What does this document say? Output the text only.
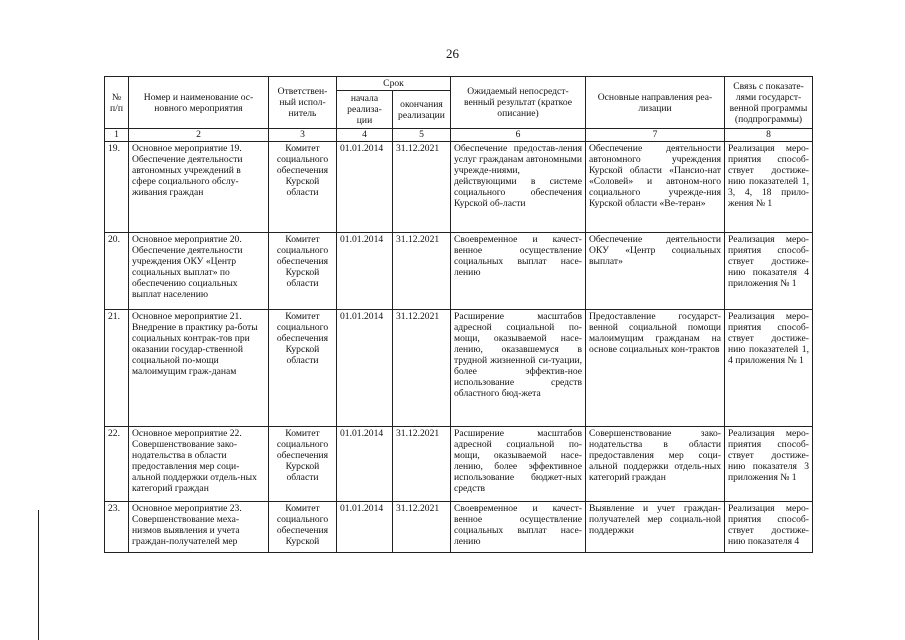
26
№ п/п	Номер и наименование ос-новного мероприятия	Ответствен-ный испол-нитель	Срок		Ожидаемый непосредст-венный результат (краткое описание)	Основные направления реа-лизации	Связь с показате-лями государст-венной программы (подпрограммы)
			начала реализа-ции	окончания реализации			
1	2	3	4	5	6	7	8
19.	Основное мероприятие 19. Обеспечение деятельности автономных учреждений в сфере социального обслу-живания граждан	Комитет социального обеспечения Курской области	01.01.2014	31.12.2021	Обеспечение предостав-ления услуг гражданам автономными учрежде-ниями, действующими в системе социального обеспечения Курской об-ласти	Обеспечение деятельности автономного учреждения Курской области «Пансио-нат «Соловей» и автоном-ного социального учрежде-ния Курской области «Ве-теран»	Реализация меро-приятия способ-ствует достиже-нию показателей 1, 3, 4, 18 прило-жения № 1
20.	Основное мероприятие 20. Обеспечение деятельности учреждения ОКУ «Центр социальных выплат» по обеспечению социальных выплат населению	Комитет социального обеспечения Курской области	01.01.2014	31.12.2021	Своевременное и качест-венное осуществление социальных выплат насе-лению	Обеспечение деятельности ОКУ «Центр социальных выплат»	Реализация меро-приятия способ-ствует достиже-нию показателя 4 приложения № 1
21.	Основное мероприятие 21. Внедрение в практику ра-боты социальных контрак-тов при оказании государ-ственной социальной по-мощи малоимущим граж-данам	Комитет социального обеспечения Курской области	01.01.2014	31.12.2021	Расширение масштабов адресной социальной по-мощи, оказываемой насе-лению, оказавшемуся в трудной жизненной си-туации, более эффектив-ное использование средств областного бюд-жета	Предоставление государст-венной социальной помощи малоимущим гражданам на основе социальных кон-трактов	Реализация меро-приятия способ-ствует достиже-нию показателей 1, 4 приложения № 1
22.	Основное мероприятие 22. Совершенствование зако-нодательства в области предоставления мер соци-альной поддержки отдель-ных категорий граждан	Комитет социального обеспечения Курской области	01.01.2014	31.12.2021	Расширение масштабов адресной социальной по-мощи, оказываемой насе-лению, более эффективное использование бюджет-ных средств	Совершенствование зако-нодательства в области предоставления мер соци-альной поддержки отдель-ных категорий граждан	Реализация меро-приятия способ-ствует достиже-нию показателя 3 приложения № 1
23.	Основное мероприятие 23. Совершенствование меха-низмов выявления и учета граждан-получателей мер	Комитет социального обеспечения Курской	01.01.2014	31.12.2021	Своевременное и качест-венное осуществление социальных выплат насе-лению	Выявление и учет граждан-получателей мер социаль-ной поддержки	Реализация меро-приятия способ-ствует достиже-нию показателя 4
